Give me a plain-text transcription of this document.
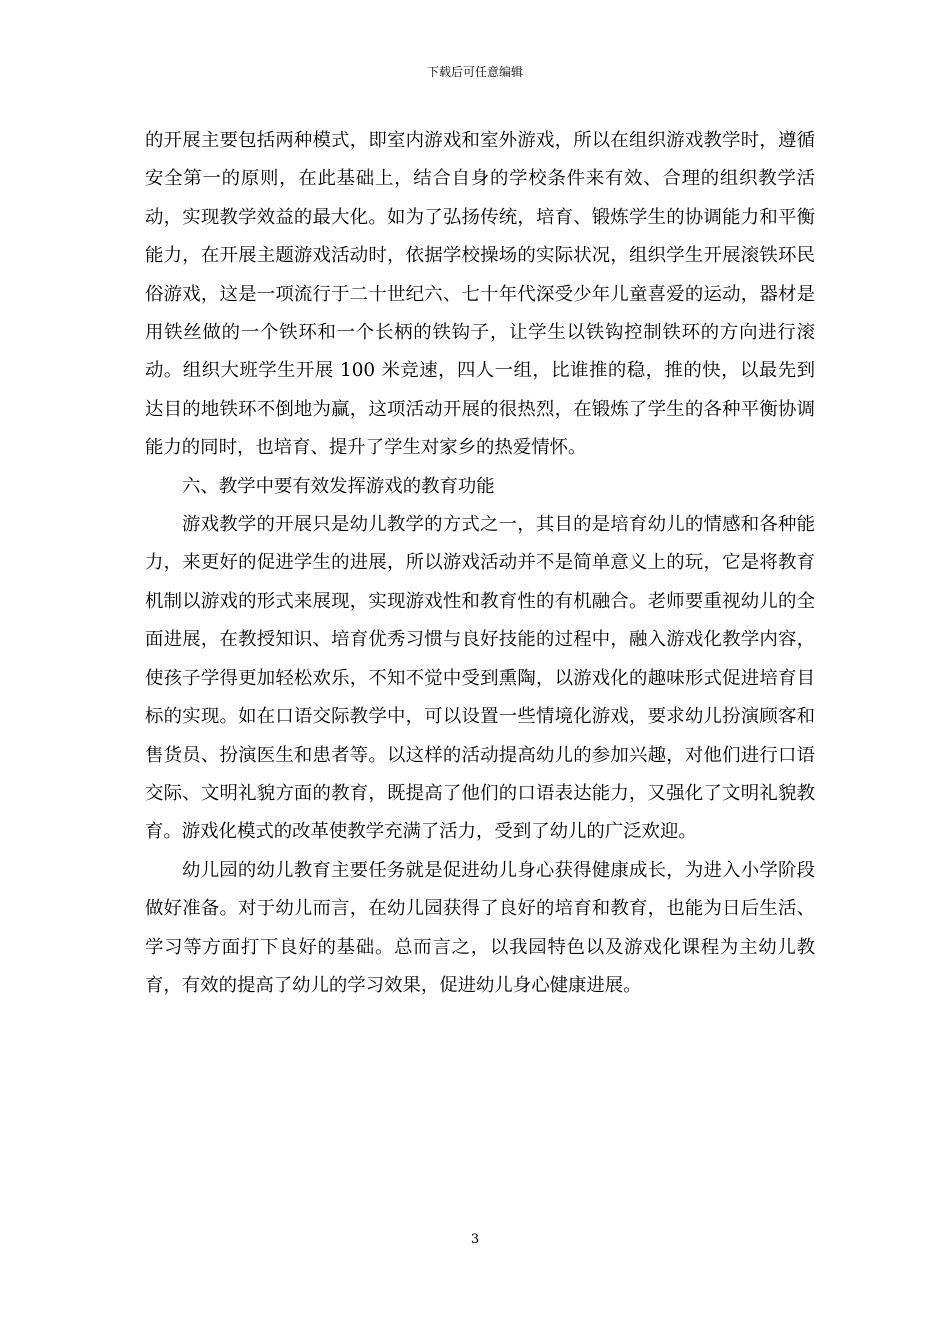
下载后可任意编辑

的开展主要包括两种模式，即室内游戏和室外游戏，所以在组织游戏教学时，遵循安全第一的原则，在此基础上，结合自身的学校条件来有效、合理的组织教学活动，实现教学效益的最大化。如为了弘扬传统，培育、锻炼学生的协调能力和平衡能力，在开展主题游戏活动时，依据学校操场的实际状况，组织学生开展滚铁环民俗游戏，这是一项流行于二十世纪六、七十年代深受少年儿童喜爱的运动，器材是用铁丝做的一个铁环和一个长柄的铁钩子，让学生以铁钩控制铁环的方向进行滚动。组织大班学生开展 100 米竞速，四人一组，比谁推的稳，推的快，以最先到达目的地铁环不倒地为赢，这项活动开展的很热烈，在锻炼了学生的各种平衡协调能力的同时，也培育、提升了学生对家乡的热爱情怀。

六、教学中要有效发挥游戏的教育功能

游戏教学的开展只是幼儿教学的方式之一，其目的是培育幼儿的情感和各种能力，来更好的促进学生的进展，所以游戏活动并不是简单意义上的玩，它是将教育机制以游戏的形式来展现，实现游戏性和教育性的有机融合。老师要重视幼儿的全面进展，在教授知识、培育优秀习惯与良好技能的过程中，融入游戏化教学内容，使孩子学得更加轻松欢乐，不知不觉中受到熏陶，以游戏化的趣味形式促进培育目标的实现。如在口语交际教学中，可以设置一些情境化游戏，要求幼儿扮演顾客和售货员、扮演医生和患者等。以这样的活动提高幼儿的参加兴趣，对他们进行口语交际、文明礼貌方面的教育，既提高了他们的口语表达能力，又强化了文明礼貌教育。游戏化模式的改革使教学充满了活力，受到了幼儿的广泛欢迎。

幼儿园的幼儿教育主要任务就是促进幼儿身心获得健康成长，为进入小学阶段做好准备。对于幼儿而言，在幼儿园获得了良好的培育和教育，也能为日后生活、学习等方面打下良好的基础。总而言之，以我园特色以及游戏化课程为主幼儿教育，有效的提高了幼儿的学习效果，促进幼儿身心健康进展。

3
